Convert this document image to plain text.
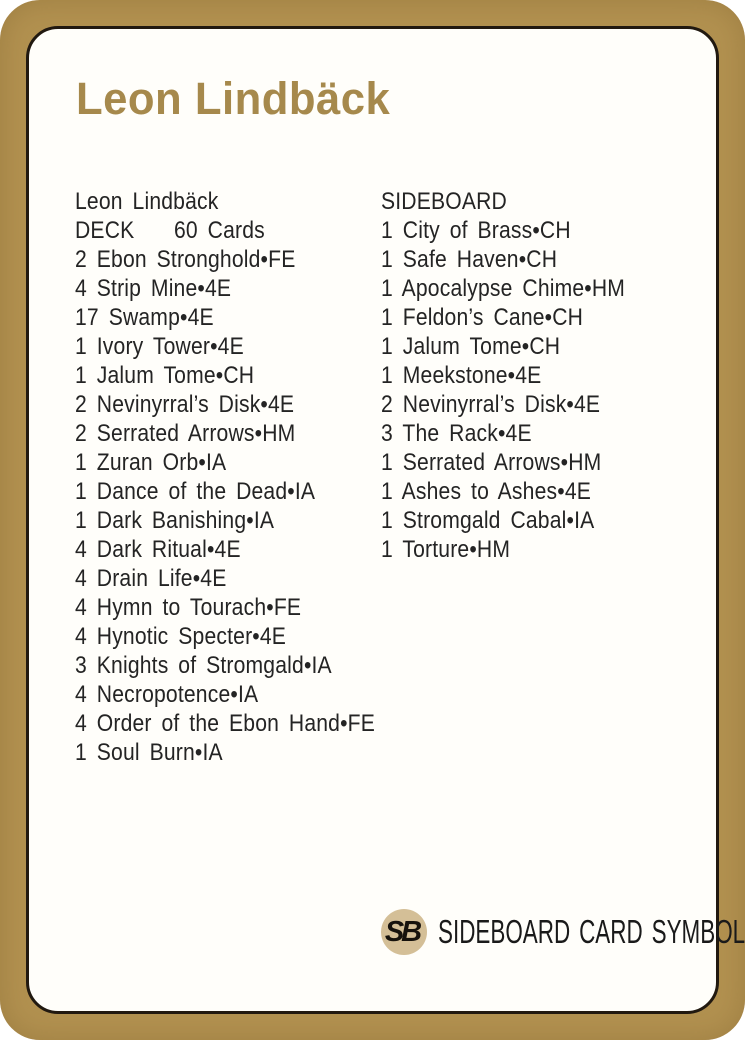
Leon Lindbäck
Leon Lindbäck
DECK 60 Cards
2 Ebon Stronghold•FE
4 Strip Mine•4E
17 Swamp•4E
1 Ivory Tower•4E
1 Jalum Tome•CH
2 Nevinyrral’s Disk•4E
2 Serrated Arrows•HM
1 Zuran Orb•IA
1 Dance of the Dead•IA
1 Dark Banishing•IA
4 Dark Ritual•4E
4 Drain Life•4E
4 Hymn to Tourach•FE
4 Hynotic Specter•4E
3 Knights of Stromgald•IA
4 Necropotence•IA
4 Order of the Ebon Hand•FE
1 Soul Burn•IA
SIDEBOARD
1 City of Brass•CH
1 Safe Haven•CH
1 Apocalypse Chime•HM
1 Feldon’s Cane•CH
1 Jalum Tome•CH
1 Meekstone•4E
2 Nevinyrral’s Disk•4E
3 The Rack•4E
1 Serrated Arrows•HM
1 Ashes to Ashes•4E
1 Stromgald Cabal•IA
1 Torture•HM
SB SIDEBOARD CARD SYMBOL
